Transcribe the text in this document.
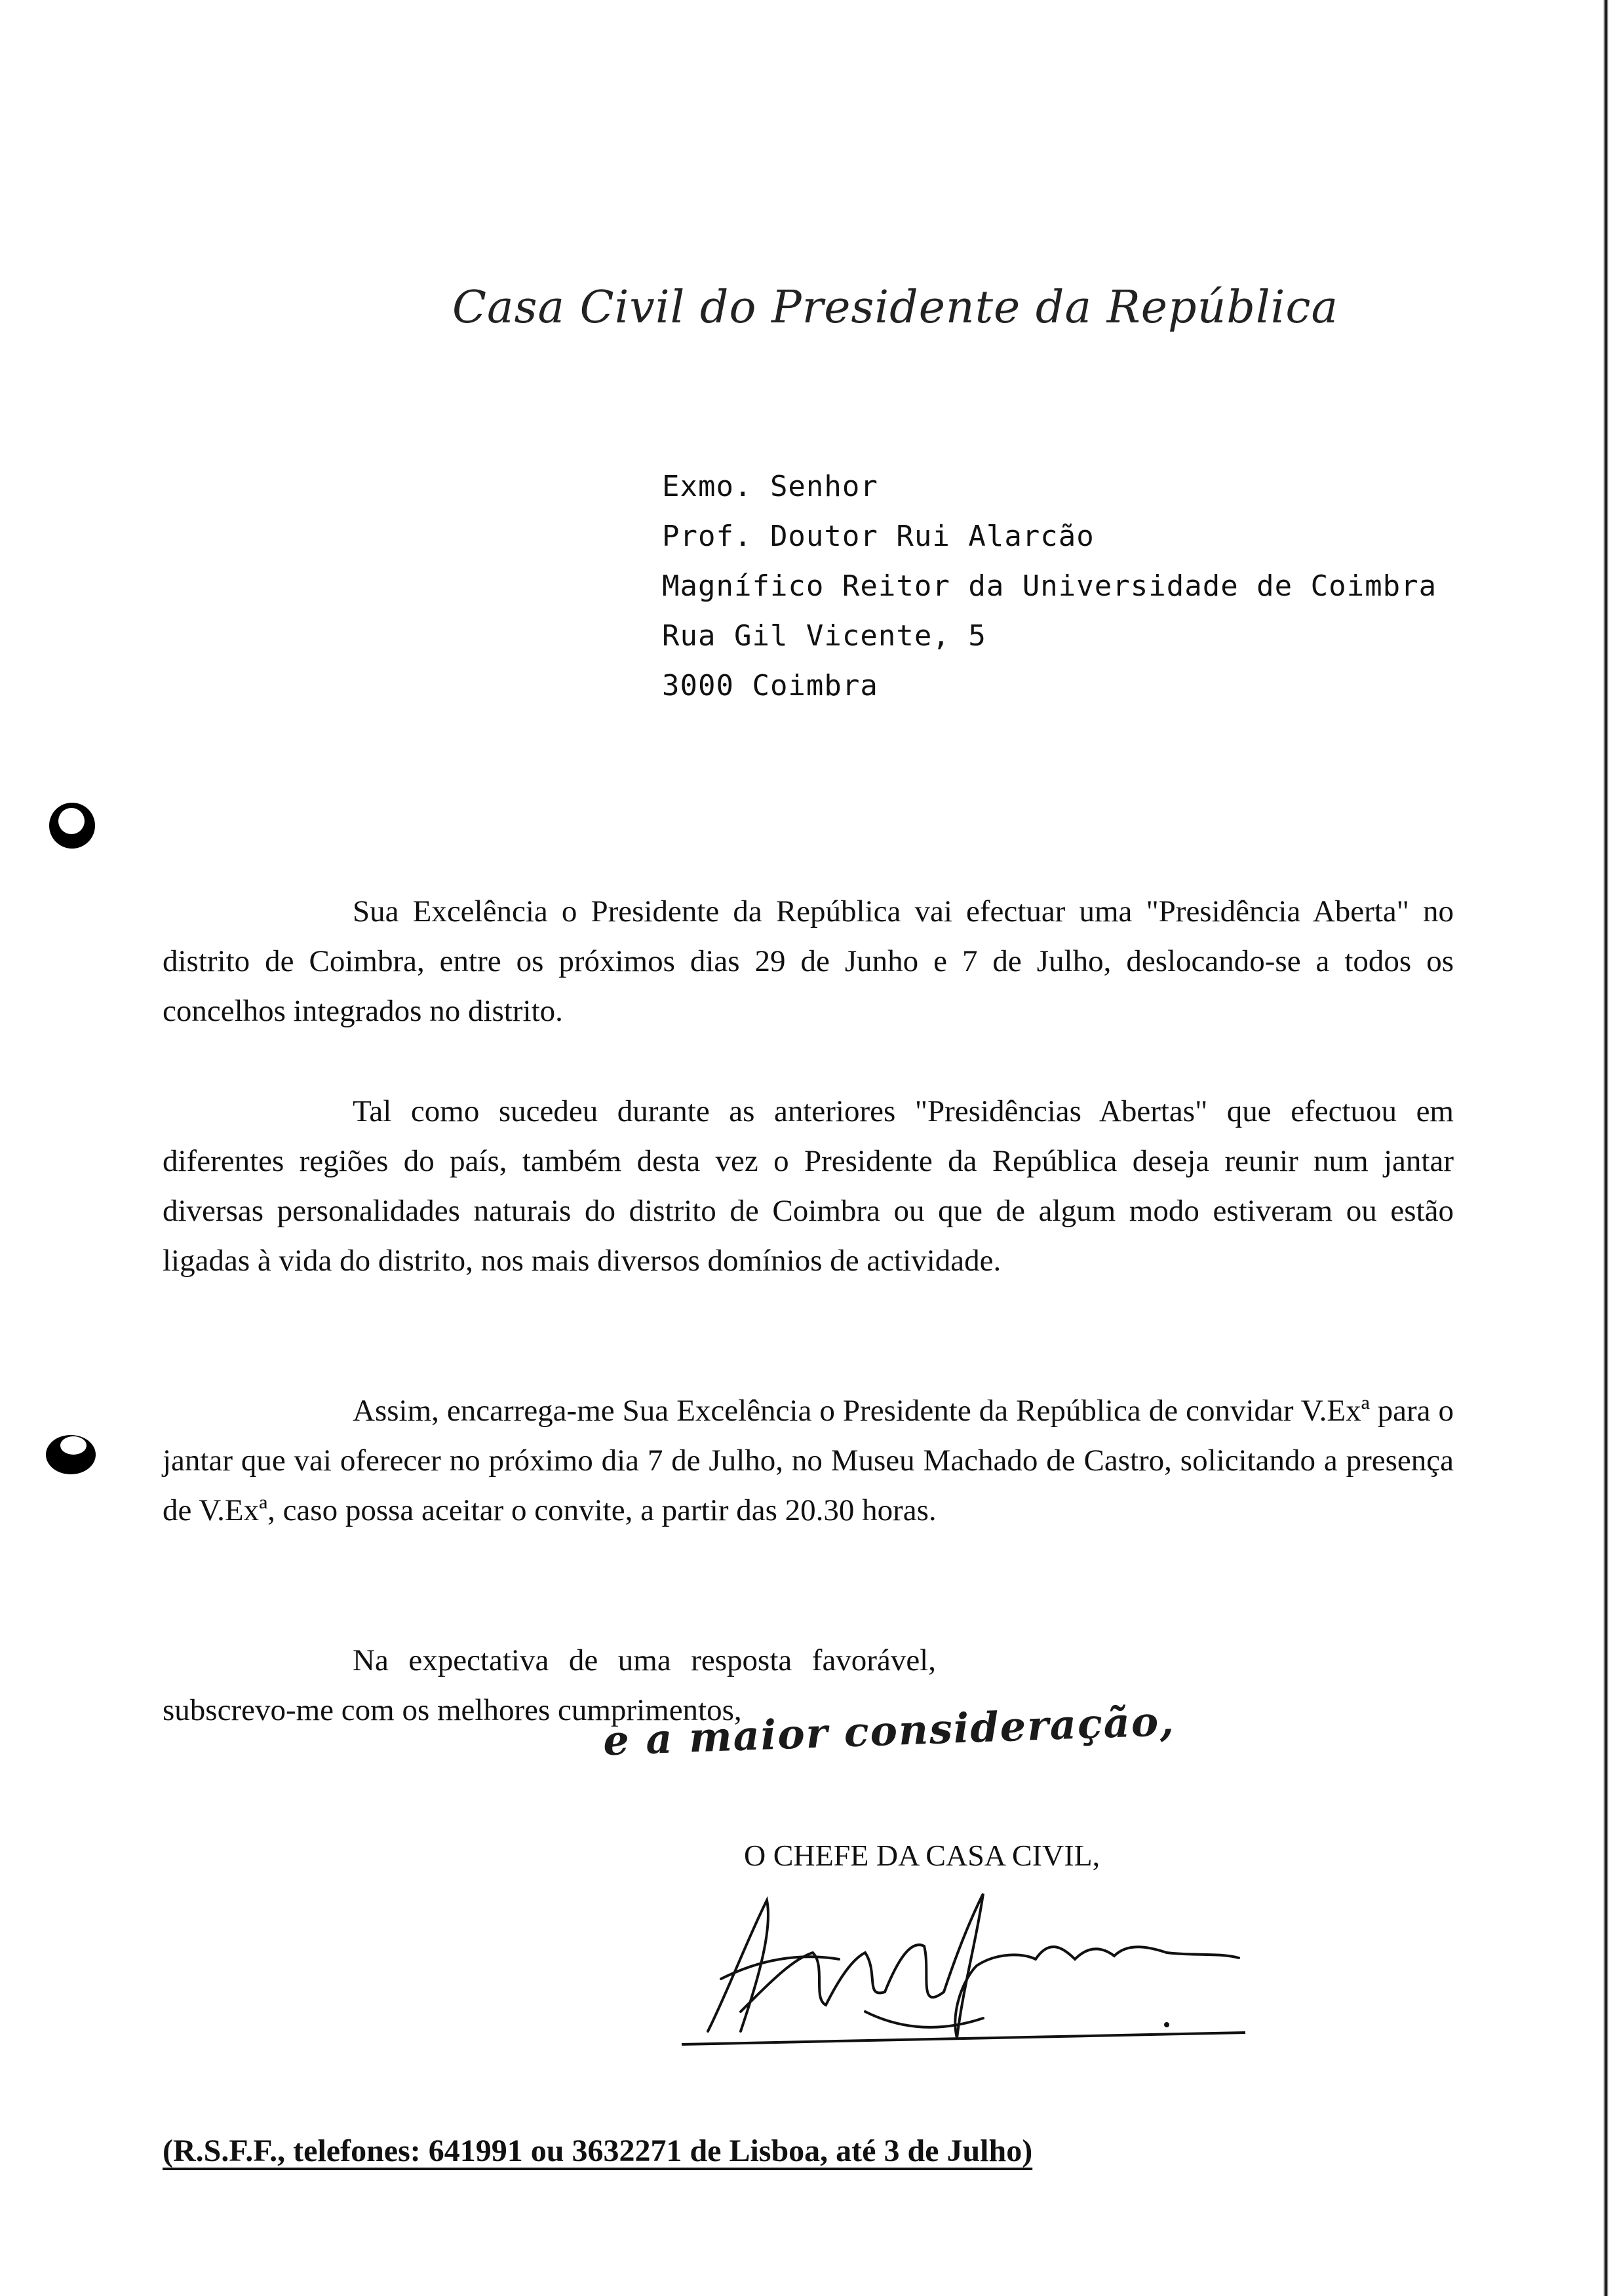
Casa Civil do Presidente da República
Exmo. Senhor
Prof. Doutor Rui Alarcão
Magnífico Reitor da Universidade de Coimbra
Rua Gil Vicente, 5
3000 Coimbra

Sua Excelência o Presidente da República vai efectuar uma "Presidência Aberta" no distrito de Coimbra, entre os próximos dias 29 de Junho e 7 de Julho, deslocando-se a todos os concelhos integrados no distrito.

Tal como sucedeu durante as anteriores "Presidências Abertas" que efectuou em diferentes regiões do país, também desta vez o Presidente da República deseja reunir num jantar diversas personalidades naturais do distrito de Coimbra ou que de algum modo estiveram ou estão ligadas à vida do distrito, nos mais diversos domínios de actividade.

Assim, encarrega-me Sua Excelência o Presidente da República de convidar V.Exª para o jantar que vai oferecer no próximo dia 7 de Julho, no Museu Machado de Castro, solicitando a presença de V.Exª, caso possa aceitar o convite, a partir das 20.30 horas.

Na expectativa de uma resposta favorável, subscrevo-me com os melhores cumprimentos,

e a maior consideração,
O CHEFE DA CASA CIVIL,
(R.S.F.F., telefones: 641991 ou 3632271 de Lisboa, até 3 de Julho)
